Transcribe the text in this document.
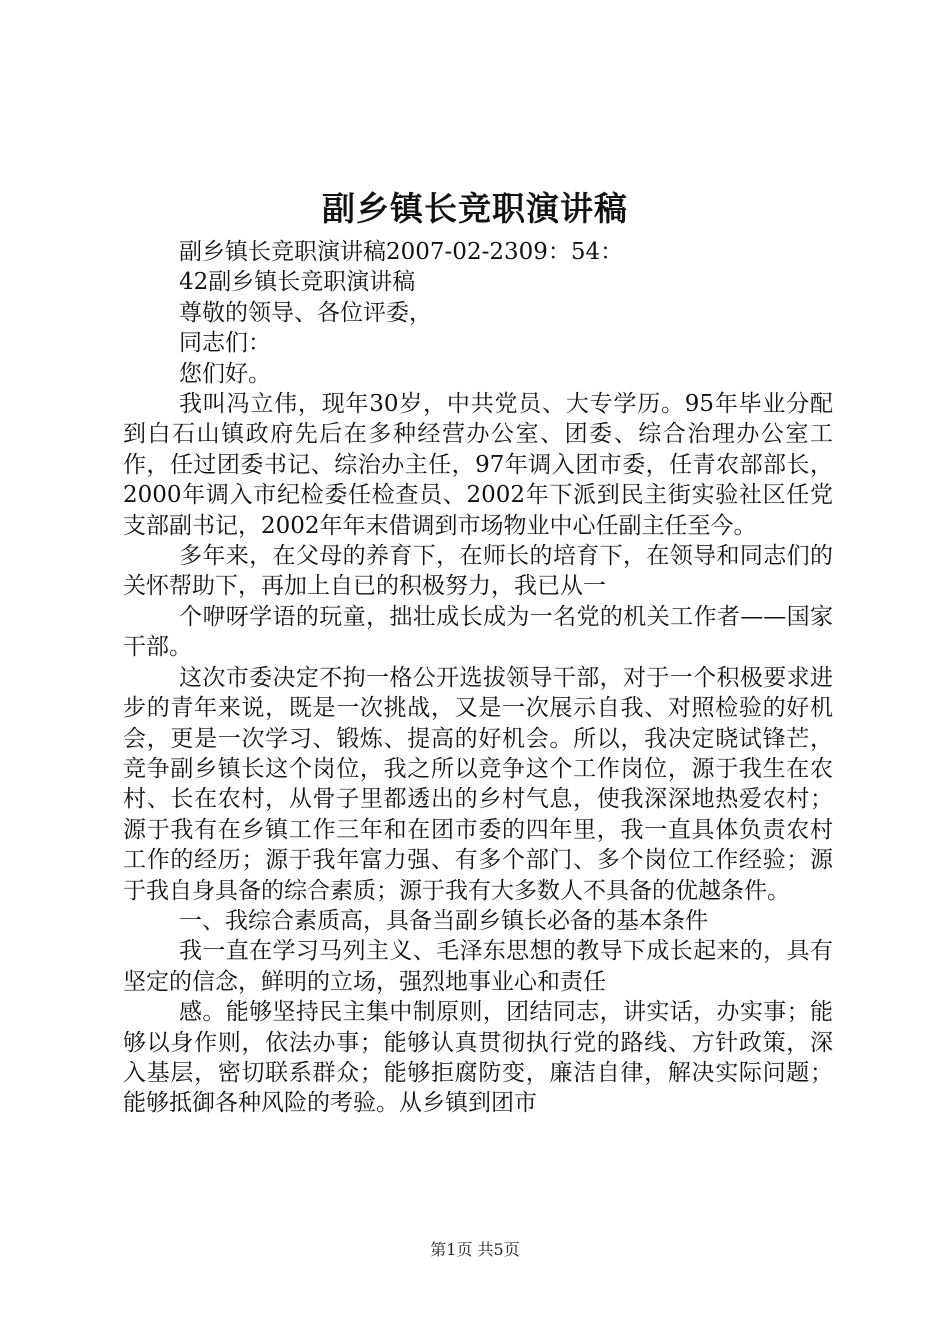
副乡镇长竞职演讲稿

副乡镇长竞职演讲稿2007-02-2309：54：

42副乡镇长竞职演讲稿

尊敬的领导、各位评委，

同志们：

您们好。

我叫冯立伟，现年30岁，中共党员、大专学历。95年毕业分配到白石山镇政府先后在多种经营办公室、团委、综合治理办公室工作，任过团委书记、综治办主任，97年调入团市委，任青农部部长，2000年调入市纪检委任检查员、2002年下派到民主街实验社区任党支部副书记，2002年年末借调到市场物业中心任副主任至今。

多年来，在父母的养育下，在师长的培育下，在领导和同志们的关怀帮助下，再加上自已的积极努力，我已从一

个咿呀学语的玩童，拙壮成长成为一名党的机关工作者——国家干部。

这次市委决定不拘一格公开选拔领导干部，对于一个积极要求进步的青年来说，既是一次挑战，又是一次展示自我、对照检验的好机会，更是一次学习、锻炼、提高的好机会。所以，我决定晓试锋芒，竞争副乡镇长这个岗位，我之所以竞争这个工作岗位，源于我生在农村、长在农村，从骨子里都透出的乡村气息，使我深深地热爱农村；源于我有在乡镇工作三年和在团市委的四年里，我一直具体负责农村工作的经历；源于我年富力强、有多个部门、多个岗位工作经验；源于我自身具备的综合素质；源于我有大多数人不具备的优越条件。

一、我综合素质高，具备当副乡镇长必备的基本条件

我一直在学习马列主义、毛泽东思想的教导下成长起来的，具有坚定的信念，鲜明的立场，强烈地事业心和责任

感。能够坚持民主集中制原则，团结同志，讲实话，办实事；能够以身作则，依法办事；能够认真贯彻执行党的路线、方针政策，深入基层，密切联系群众；能够拒腐防变，廉洁自律，解决实际问题；能够抵御各种风险的考验。从乡镇到团市

第1页 共5页
